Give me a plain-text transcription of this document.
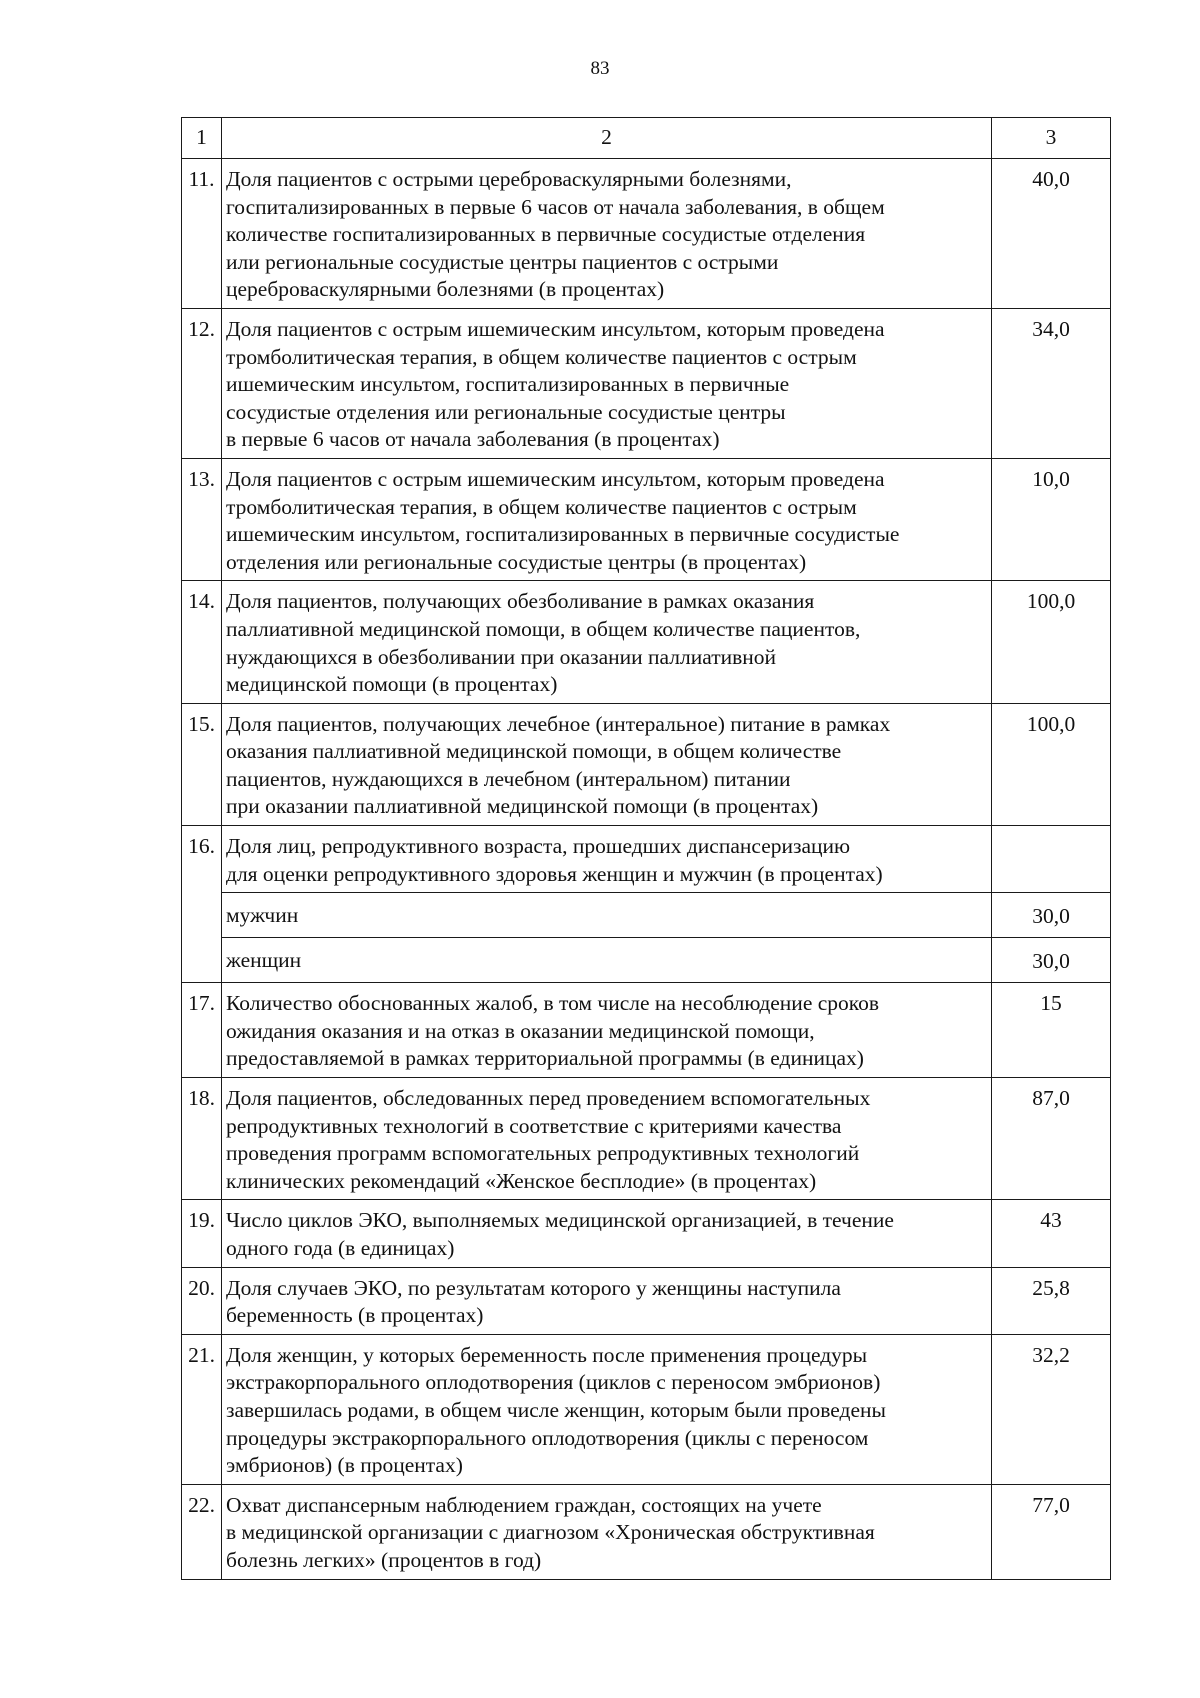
83
1	2	3
11.	Доля пациентов с острыми цереброваскулярными болезнями,
госпитализированных в первые 6 часов от начала заболевания, в общем
количестве госпитализированных в первичные сосудистые отделения
или региональные сосудистые центры пациентов с острыми
цереброваскулярными болезнями (в процентах)	40,0
12.	Доля пациентов с острым ишемическим инсультом, которым проведена
тромболитическая терапия, в общем количестве пациентов с острым
ишемическим инсультом, госпитализированных в первичные
сосудистые отделения или региональные сосудистые центры
в первые 6 часов от начала заболевания (в процентах)	34,0
13.	Доля пациентов с острым ишемическим инсультом, которым проведена
тромболитическая терапия, в общем количестве пациентов с острым
ишемическим инсультом, госпитализированных в первичные сосудистые
отделения или региональные сосудистые центры (в процентах)	10,0
14.	Доля пациентов, получающих обезболивание в рамках оказания
паллиативной медицинской помощи, в общем количестве пациентов,
нуждающихся в обезболивании при оказании паллиативной
медицинской помощи (в процентах)	100,0
15.	Доля пациентов, получающих лечебное (интеральное) питание в рамках
оказания паллиативной медицинской помощи, в общем количестве
пациентов, нуждающихся в лечебном (интеральном) питании
при оказании паллиативной медицинской помощи (в процентах)	100,0
16.	Доля лиц, репродуктивного возраста, прошедших диспансеризацию
для оценки репродуктивного здоровья женщин и мужчин (в процентах)	

	мужчин	30,0
	женщин	30,0
17.	Количество обоснованных жалоб, в том числе на несоблюдение сроков
ожидания оказания и на отказ в оказании медицинской помощи,
предоставляемой в рамках территориальной программы (в единицах)	15
18.	Доля пациентов, обследованных перед проведением вспомогательных
репродуктивных технологий в соответствие с критериями качества
проведения программ вспомогательных репродуктивных технологий
клинических рекомендаций «Женское бесплодие» (в процентах)	87,0
19.	Число циклов ЭКО, выполняемых медицинской организацией, в течение
одного года (в единицах)	43
20.	Доля случаев ЭКО, по результатам которого у женщины наступила
беременность (в процентах)	25,8
21.	Доля женщин, у которых беременность после применения процедуры
экстракорпорального оплодотворения (циклов с переносом эмбрионов)
завершилась родами, в общем числе женщин, которым были проведены
процедуры экстракорпорального оплодотворения (циклы с переносом
эмбрионов) (в процентах)	32,2
22.	Охват диспансерным наблюдением граждан, состоящих на учете
в медицинской организации с диагнозом «Хроническая обструктивная
болезнь легких» (процентов в год)	77,0
